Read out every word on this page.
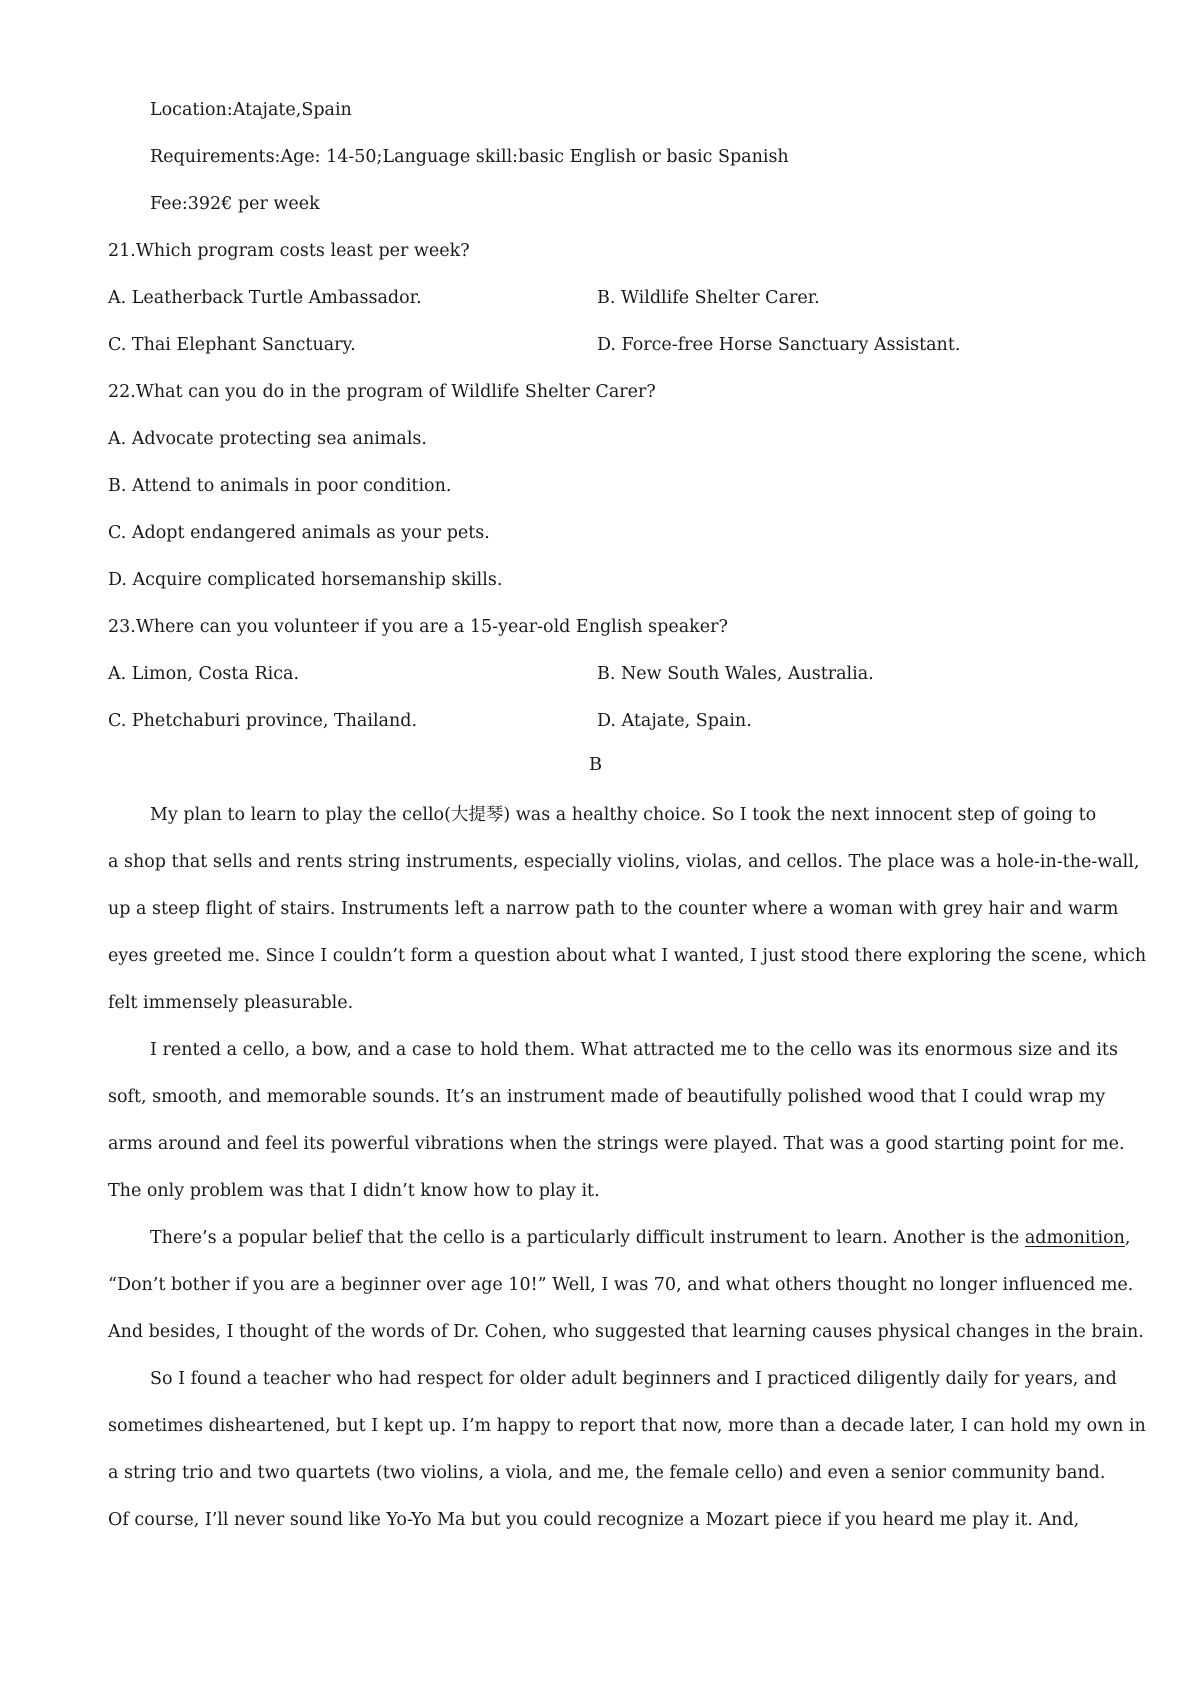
Location:Atajate,Spain
Requirements:Age: 14-50;Language skill:basic English or basic Spanish
Fee:392€ per week
21.Which program costs least per week?
A. Leatherback Turtle Ambassador.	B. Wildlife Shelter Carer.
C. Thai Elephant Sanctuary.	D. Force-free Horse Sanctuary Assistant.
22.What can you do in the program of Wildlife Shelter Carer?
A. Advocate protecting sea animals.
B. Attend to animals in poor condition.
C. Adopt endangered animals as your pets.
D. Acquire complicated horsemanship skills.
23.Where can you volunteer if you are a 15-year-old English speaker?
A. Limon, Costa Rica.	B. New South Wales, Australia.
C. Phetchaburi province, Thailand.	D. Atajate, Spain.
B
My plan to learn to play the cello(大提琴) was a healthy choice. So I took the next innocent step of going to
a shop that sells and rents string instruments, especially violins, violas, and cellos. The place was a hole-in-the-wall,
up a steep flight of stairs. Instruments left a narrow path to the counter where a woman with grey hair and warm
eyes greeted me. Since I couldn’t form a question about what I wanted, I just stood there exploring the scene, which
felt immensely pleasurable.
I rented a cello, a bow, and a case to hold them. What attracted me to the cello was its enormous size and its
soft, smooth, and memorable sounds. It’s an instrument made of beautifully polished wood that I could wrap my
arms around and feel its powerful vibrations when the strings were played. That was a good starting point for me.
The only problem was that I didn’t know how to play it.
There’s a popular belief that the cello is a particularly difficult instrument to learn. Another is the admonition,
“Don’t bother if you are a beginner over age 10!” Well, I was 70, and what others thought no longer influenced me.
And besides, I thought of the words of Dr. Cohen, who suggested that learning causes physical changes in the brain.
So I found a teacher who had respect for older adult beginners and I practiced diligently daily for years, and
sometimes disheartened, but I kept up. I’m happy to report that now, more than a decade later, I can hold my own in
a string trio and two quartets (two violins, a viola, and me, the female cello) and even a senior community band.
Of course, I’ll never sound like Yo-Yo Ma but you could recognize a Mozart piece if you heard me play it. And,
